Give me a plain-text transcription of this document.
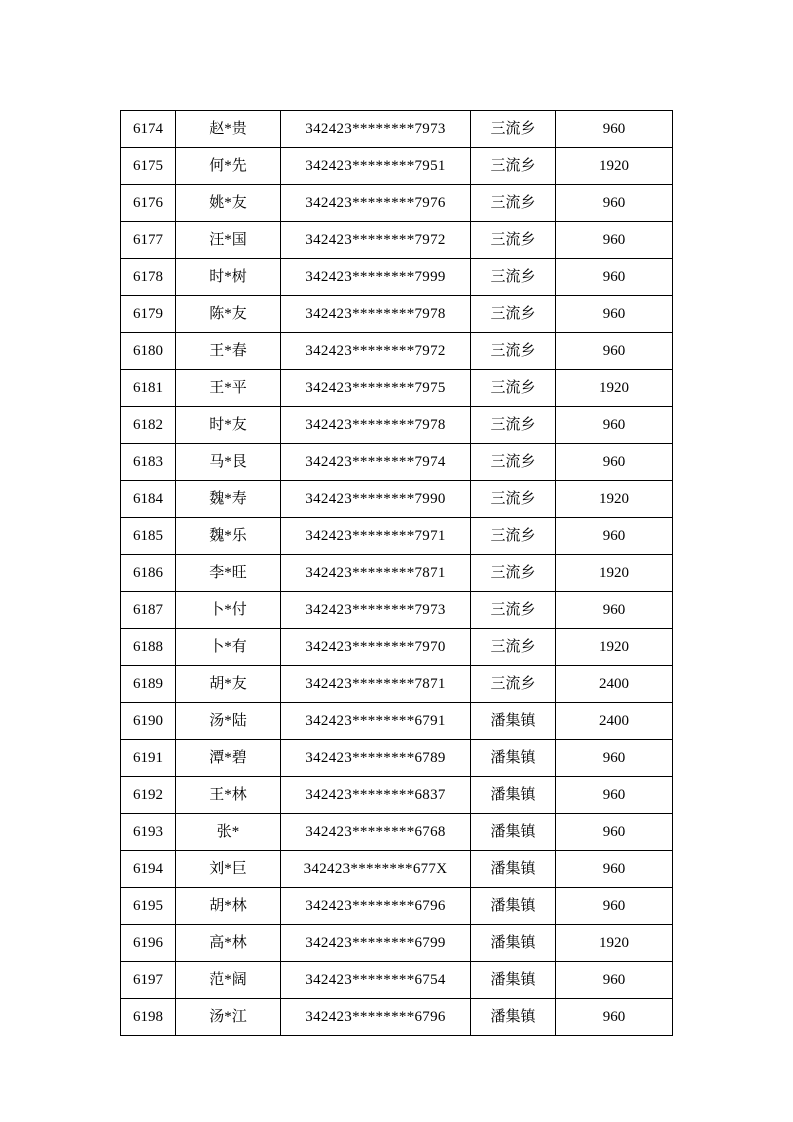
6174	赵*贵	342423********7973	三流乡	960
6175	何*先	342423********7951	三流乡	1920
6176	姚*友	342423********7976	三流乡	960
6177	汪*国	342423********7972	三流乡	960
6178	时*树	342423********7999	三流乡	960
6179	陈*友	342423********7978	三流乡	960
6180	王*春	342423********7972	三流乡	960
6181	王*平	342423********7975	三流乡	1920
6182	时*友	342423********7978	三流乡	960
6183	马*艮	342423********7974	三流乡	960
6184	魏*寿	342423********7990	三流乡	1920
6185	魏*乐	342423********7971	三流乡	960
6186	李*旺	342423********7871	三流乡	1920
6187	卜*付	342423********7973	三流乡	960
6188	卜*有	342423********7970	三流乡	1920
6189	胡*友	342423********7871	三流乡	2400
6190	汤*陆	342423********6791	潘集镇	2400
6191	潭*碧	342423********6789	潘集镇	960
6192	王*林	342423********6837	潘集镇	960
6193	张*	342423********6768	潘集镇	960
6194	刘*巨	342423********677X	潘集镇	960
6195	胡*林	342423********6796	潘集镇	960
6196	高*林	342423********6799	潘集镇	1920
6197	范*阔	342423********6754	潘集镇	960
6198	汤*江	342423********6796	潘集镇	960
